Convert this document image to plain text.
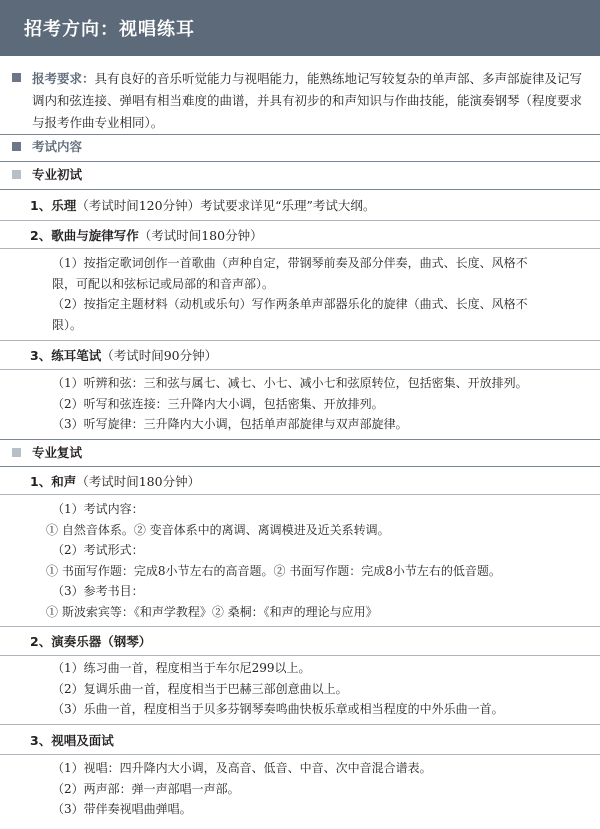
招考方向：视唱练耳
报考要求：具有良好的音乐听觉能力与视唱能力，能熟练地记写较复杂的单声部、多声部旋律及记写调内和弦连接、弹唱有相当难度的曲谱，并具有初步的和声知识与作曲技能，能演奏钢琴（程度要求与报考作曲专业相同）。
考试内容
专业初试
1、乐理（考试时间120分钟）考试要求详见“乐理”考试大纲。
2、歌曲与旋律写作（考试时间180分钟）

（1）按指定歌词创作一首歌曲（声种自定，带钢琴前奏及部分伴奏，曲式、长度、风格不

限，可配以和弦标记或局部的和音声部）。

（2）按指定主题材料（动机或乐句）写作两条单声部器乐化的旋律（曲式、长度、风格不

限）。

3、练耳笔试（考试时间90分钟）

（1）听辨和弦：三和弦与属七、减七、小七、减小七和弦原转位，包括密集、开放排列。

（2）听写和弦连接：三升降内大小调，包括密集、开放排列。

（3）听写旋律：三升降内大小调，包括单声部旋律与双声部旋律。

专业复试
1、和声（考试时间180分钟）

（1）考试内容：

① 自然音体系。② 变音体系中的离调、离调模进及近关系转调。

（2）考试形式：

① 书面写作题：完成8小节左右的高音题。② 书面写作题：完成8小节左右的低音题。

（3）参考书目：

① 斯波索宾等：《和声学教程》② 桑桐：《和声的理论与应用》

2、演奏乐器（钢琴）

（1）练习曲一首，程度相当于车尔尼299以上。

（2）复调乐曲一首，程度相当于巴赫三部创意曲以上。

（3）乐曲一首，程度相当于贝多芬钢琴奏鸣曲快板乐章或相当程度的中外乐曲一首。

3、视唱及面试

（1）视唱：四升降内大小调，及高音、低音、中音、次中音混合谱表。

（2）两声部：弹一声部唱一声部。

（3）带伴奏视唱曲弹唱。
